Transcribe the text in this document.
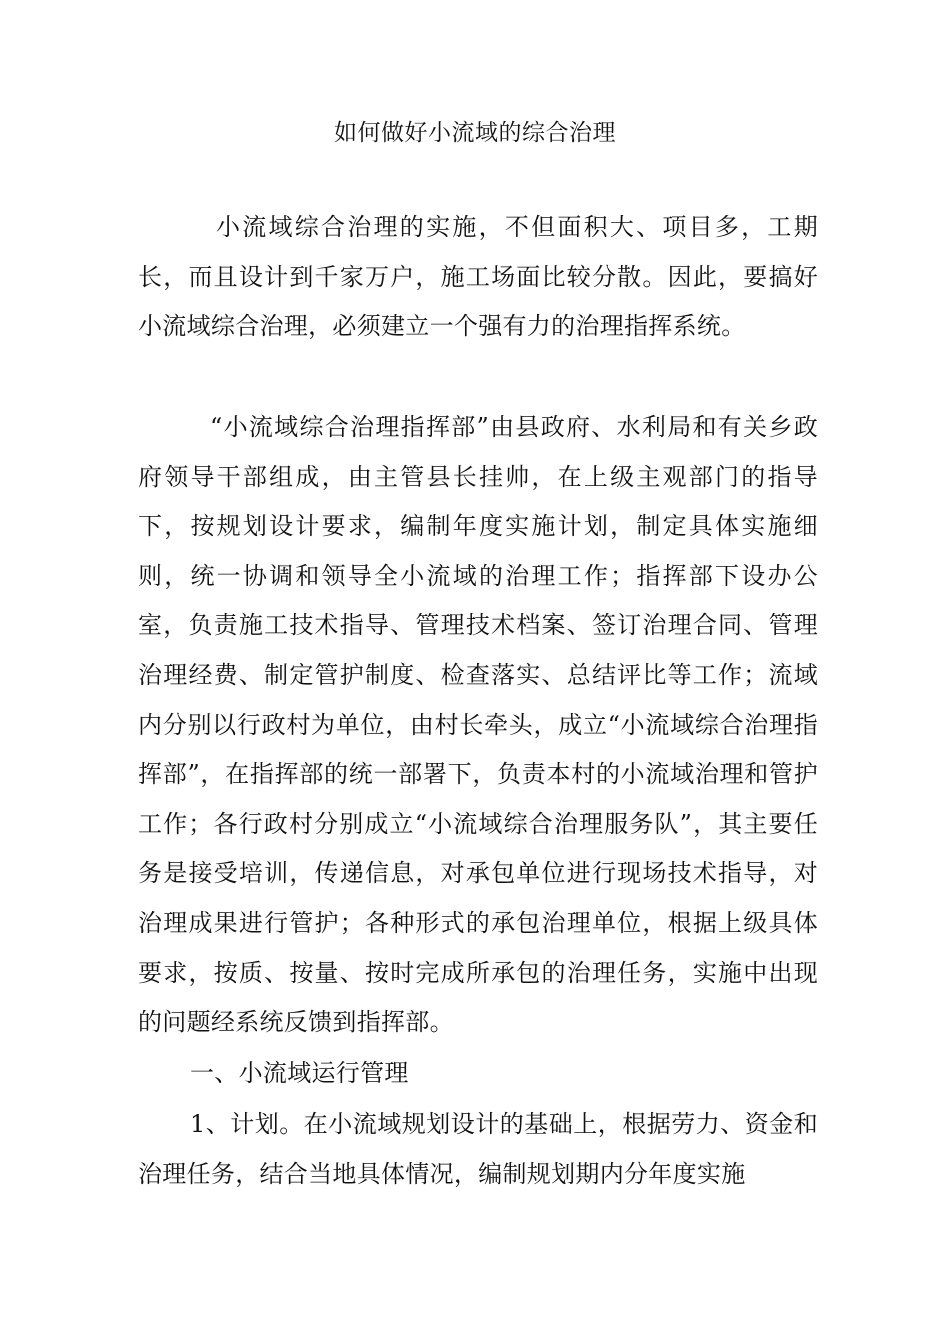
如何做好小流域的综合治理
小流域综合治理的实施，不但面积大、项目多，工期长，而且设计到千家万户，施工场面比较分散。因此，要搞好小流域综合治理，必须建立一个强有力的治理指挥系统。
“小流域综合治理指挥部”由县政府、水利局和有关乡政府领导干部组成，由主管县长挂帅，在上级主观部门的指导下，按规划设计要求，编制年度实施计划，制定具体实施细则，统一协调和领导全小流域的治理工作；指挥部下设办公室，负责施工技术指导、管理技术档案、签订治理合同、管理治理经费、制定管护制度、检查落实、总结评比等工作；流域内分别以行政村为单位，由村长牵头，成立“小流域综合治理指挥部”，在指挥部的统一部署下，负责本村的小流域治理和管护工作；各行政村分别成立“小流域综合治理服务队”，其主要任务是接受培训，传递信息，对承包单位进行现场技术指导，对治理成果进行管护；各种形式的承包治理单位，根据上级具体要求，按质、按量、按时完成所承包的治理任务，实施中出现的问题经系统反馈到指挥部。
一、小流域运行管理
1、计划。在小流域规划设计的基础上，根据劳力、资金和治理任务，结合当地具体情况，编制规划期内分年度实施
